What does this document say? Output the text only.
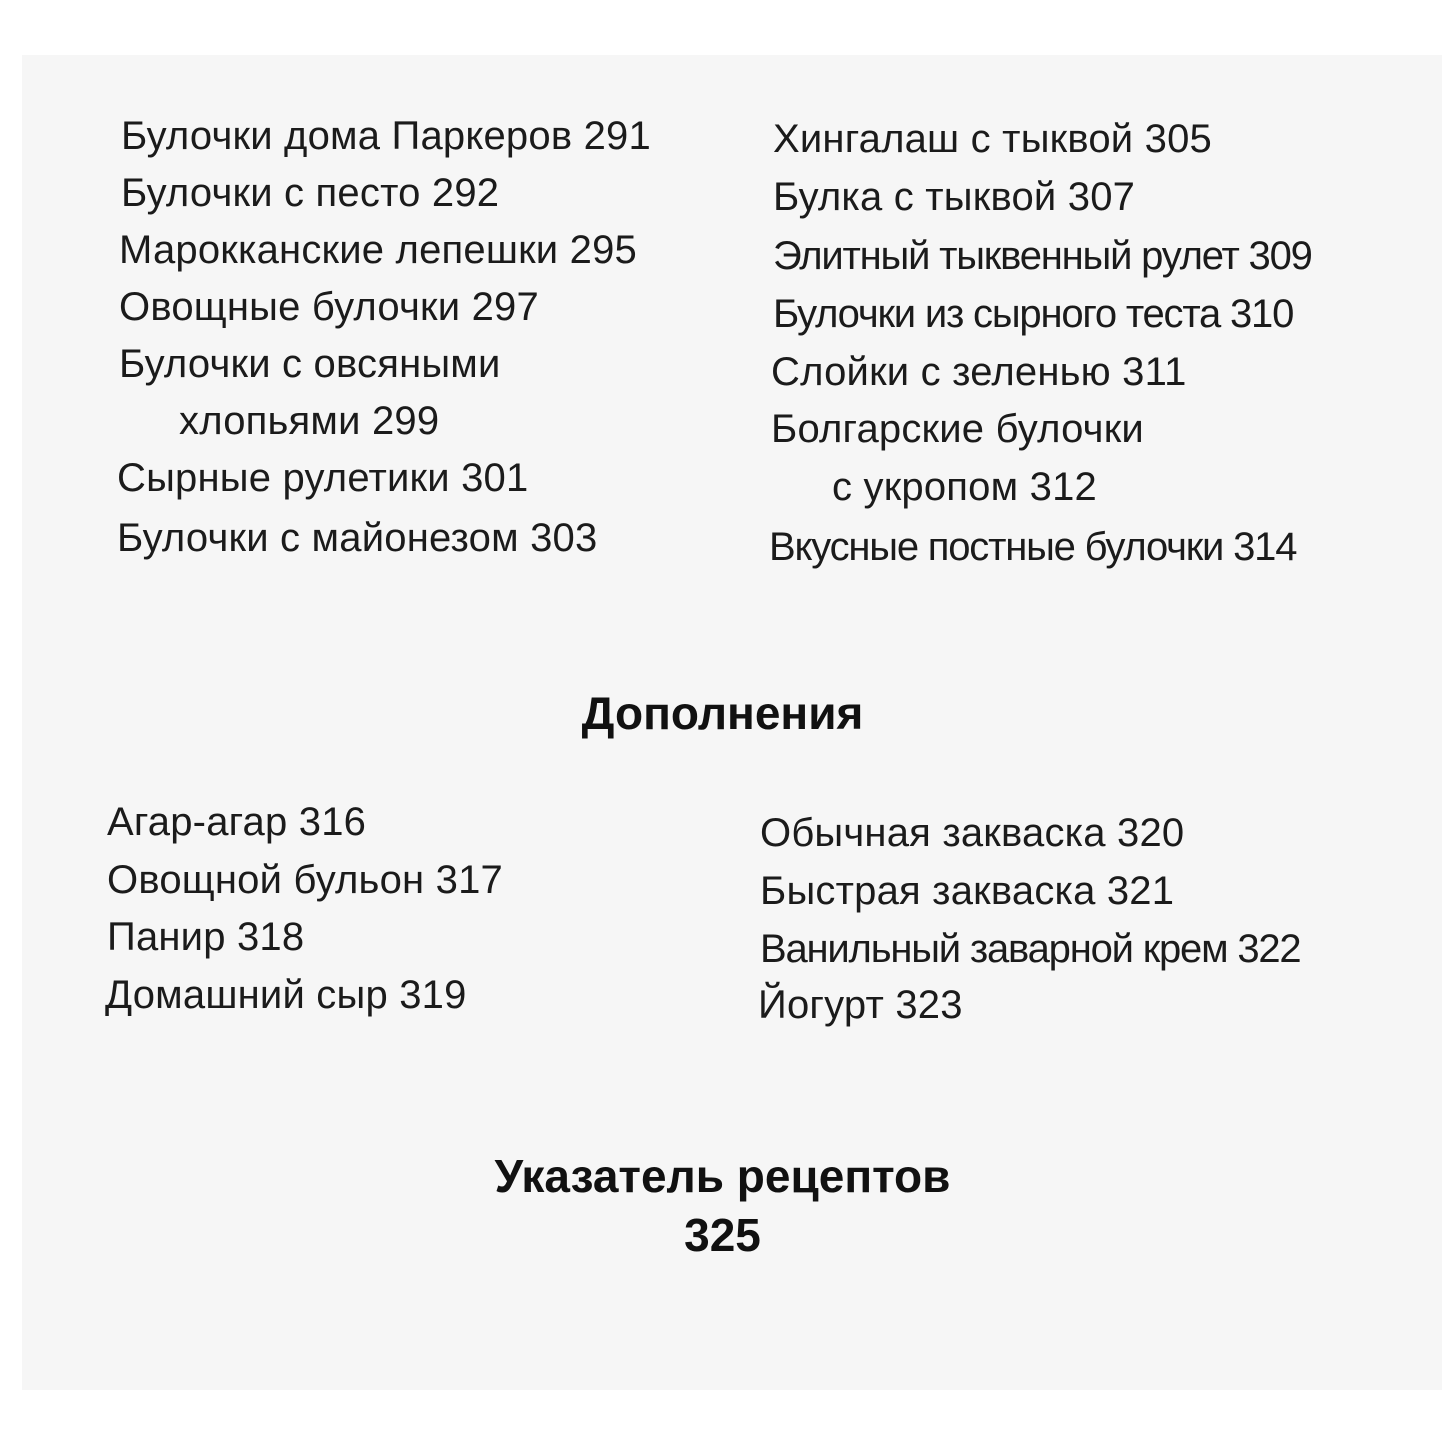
Булочки дома Паркеров 291
Булочки с песто 292
Марокканские лепешки 295
Овощные булочки 297
Булочки с овсяными
хлопьями 299
Сырные рулетики 301
Булочки с майонезом 303
Хингалаш с тыквой 305
Булка с тыквой 307
Элитный тыквенный рулет 309
Булочки из сырного теста 310
Слойки с зеленью 311
Болгарские булочки
с укропом 312
Вкусные постные булочки 314
Дополнения
Агар-агар 316
Овощной бульон 317
Панир 318
Домашний сыр 319
Обычная закваска 320
Быстрая закваска 321
Ванильный заварной крем 322
Йогурт 323
Указатель рецептов
325
